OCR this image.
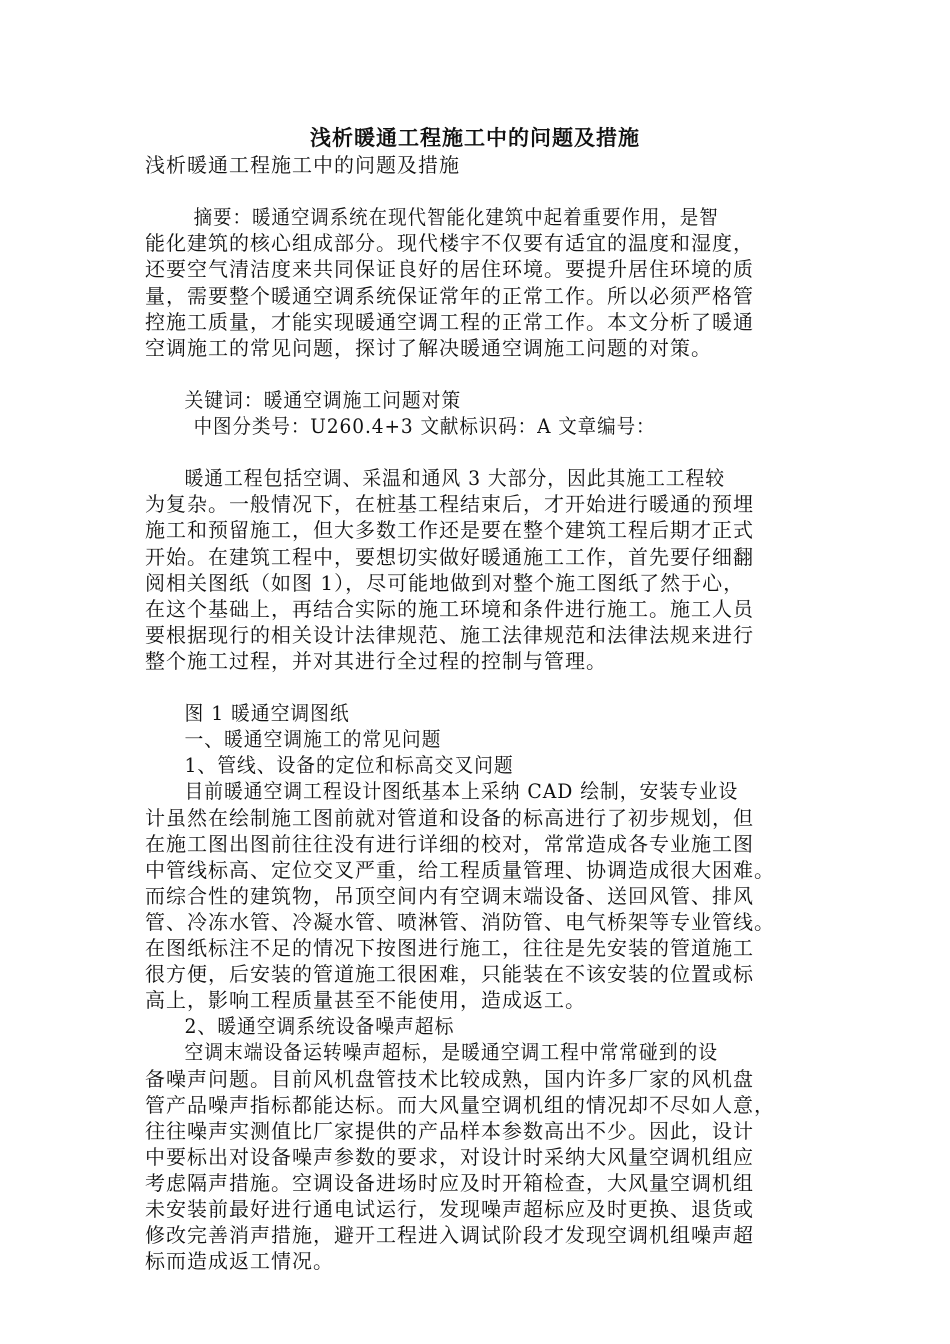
浅析暖通工程施工中的问题及措施
浅析暖通工程施工中的问题及措施
摘要：暖通空调系统在现代智能化建筑中起着重要作用，是智
能化建筑的核心组成部分。现代楼宇不仅要有适宜的温度和湿度，
还要空气清洁度来共同保证良好的居住环境。要提升居住环境的质
量，需要整个暖通空调系统保证常年的正常工作。所以必须严格管
控施工质量，才能实现暖通空调工程的正常工作。本文分析了暖通
空调施工的常见问题，探讨了解决暖通空调施工问题的对策。
关键词：暖通空调施工问题对策
中图分类号：U260.4+3 文献标识码：A 文章编号：
暖通工程包括空调、采温和通风 3 大部分，因此其施工工程较
为复杂。一般情况下，在桩基工程结束后，才开始进行暖通的预埋
施工和预留施工，但大多数工作还是要在整个建筑工程后期才正式
开始。在建筑工程中，要想切实做好暖通施工工作，首先要仔细翻
阅相关图纸（如图 1），尽可能地做到对整个施工图纸了然于心，
在这个基础上，再结合实际的施工环境和条件进行施工。施工人员
要根据现行的相关设计法律规范、施工法律规范和法律法规来进行
整个施工过程，并对其进行全过程的控制与管理。
图 1 暖通空调图纸
一、暖通空调施工的常见问题
1、管线、设备的定位和标高交叉问题
目前暖通空调工程设计图纸基本上采纳 CAD 绘制，安装专业设
计虽然在绘制施工图前就对管道和设备的标高进行了初步规划，但
在施工图出图前往往没有进行详细的校对，常常造成各专业施工图
中管线标高、定位交叉严重，给工程质量管理、协调造成很大困难。
而综合性的建筑物，吊顶空间内有空调末端设备、送回风管、排风
管、冷冻水管、冷凝水管、喷淋管、消防管、电气桥架等专业管线。
在图纸标注不足的情况下按图进行施工，往往是先安装的管道施工
很方便，后安装的管道施工很困难，只能装在不该安装的位置或标
高上，影响工程质量甚至不能使用，造成返工。
2、暖通空调系统设备噪声超标
空调末端设备运转噪声超标，是暖通空调工程中常常碰到的设
备噪声问题。目前风机盘管技术比较成熟，国内许多厂家的风机盘
管产品噪声指标都能达标。而大风量空调机组的情况却不尽如人意，
往往噪声实测值比厂家提供的产品样本参数高出不少。因此，设计
中要标出对设备噪声参数的要求，对设计时采纳大风量空调机组应
考虑隔声措施。空调设备进场时应及时开箱检查，大风量空调机组
未安装前最好进行通电试运行，发现噪声超标应及时更换、退货或
修改完善消声措施，避开工程进入调试阶段才发现空调机组噪声超
标而造成返工情况。
